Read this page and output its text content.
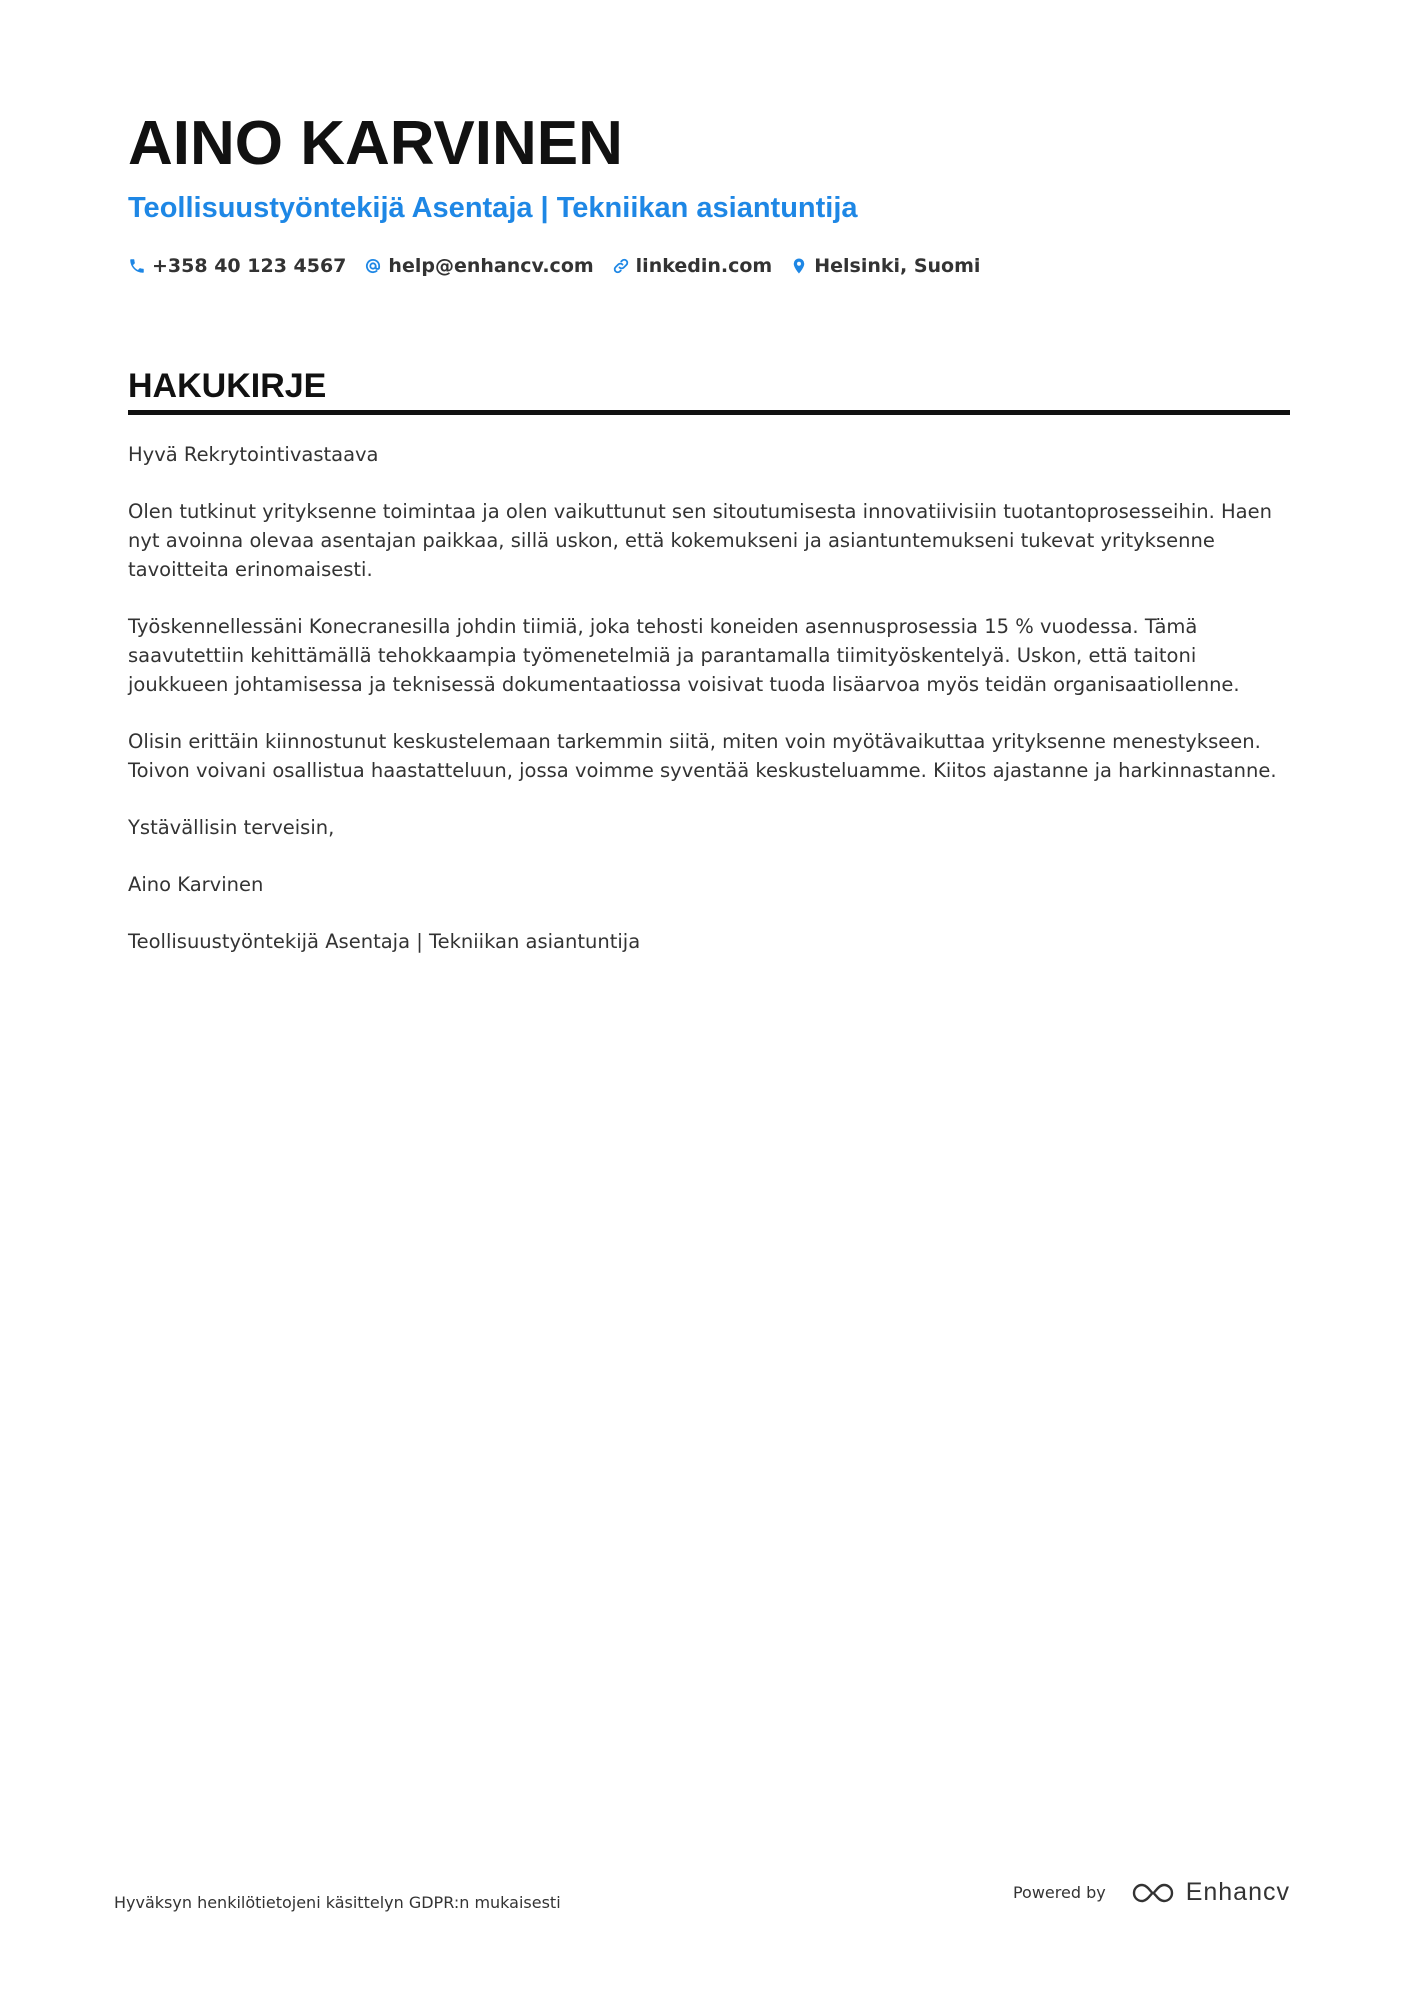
AINO KARVINEN
Teollisuustyöntekijä Asentaja | Tekniikan asiantuntija
+358 40 123 4567 help@enhancv.com linkedin.com Helsinki, Suomi
HAKUKIRJE

Hyvä Rekrytointivastaava

Olen tutkinut yrityksenne toimintaa ja olen vaikuttunut sen sitoutumisesta innovatiivisiin tuotantoprosesseihin. Haen nyt avoinna olevaa asentajan paikkaa, sillä uskon, että kokemukseni ja asiantuntemukseni tukevat yrityksenne tavoitteita erinomaisesti.

Työskennellessäni Konecranesilla johdin tiimiä, joka tehosti koneiden asennusprosessia 15 % vuodessa. Tämä saavutettiin kehittämällä tehokkaampia työmenetelmiä ja parantamalla tiimityöskentelyä. Uskon, että taitoni joukkueen johtamisessa ja teknisessä dokumentaatiossa voisivat tuoda lisäarvoa myös teidän organisaatiollenne.

Olisin erittäin kiinnostunut keskustelemaan tarkemmin siitä, miten voin myötävaikuttaa yrityksenne menestykseen. Toivon voivani osallistua haastatteluun, jossa voimme syventää keskusteluamme. Kiitos ajastanne ja harkinnastanne.

Ystävällisin terveisin,

Aino Karvinen

Teollisuustyöntekijä Asentaja | Tekniikan asiantuntija

Hyväksyn henkilötietojeni käsittelyn GDPR:n mukaisesti
Powered by	Enhancv
